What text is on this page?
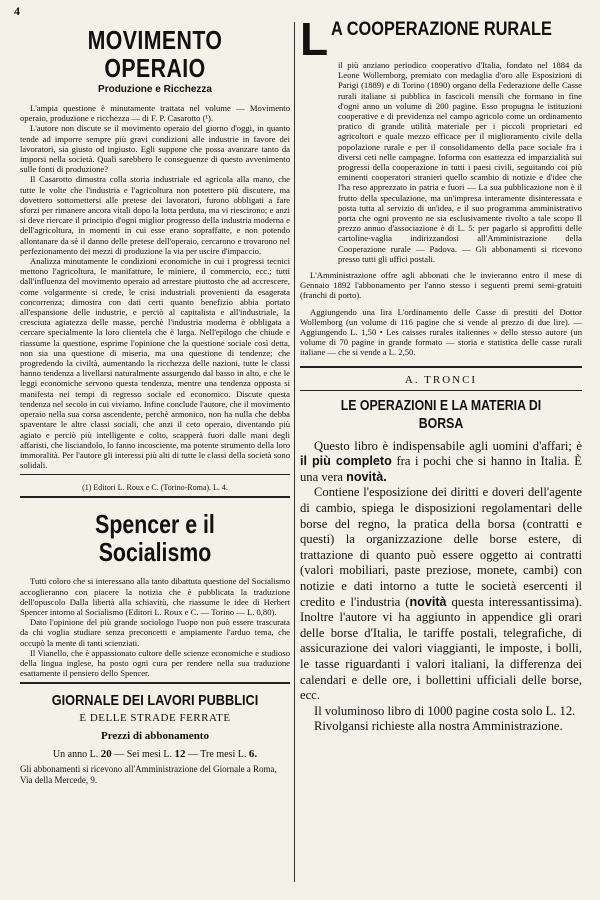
4
MOVIMENTO OPERAIO
Produzione e Ricchezza

L'ampia questione è minutamente trattata nel volume — Movimento operaio, produzione e ricchezza — di F. P. Casarotto (¹).

L'autore non discute se il movimento operaio del giorno d'oggi, in quanto tende ad imporre sempre più gravi condizioni alle industrie in favore dei lavoratori, sia giusto od ingiusto. Egli suppone che possa avanzare tanto da imporsi nella società. Quali sarebbero le conseguenze di questo avvenimento sulle fonti di produzione?

Il Casarotto dimostra colla storia industriale ed agricola alla mano, che tutte le volte che l'industria e l'agricoltura non potettero più discutere, ma dovettero sottomettersi alle pretese dei lavoratori, furono obbligati a fare sforzi per rimanere ancora vitali dopo la lotta perduta, ma vi riescirono; e anzi si deve riercare il principio d'ogni miglior progresso della industria moderna e dell'agricoltura, in momenti in cui esse erano sopraffatte, e non potendo allontanare da sè il danno delle pretese dell'operaio, cercarono e trovarono nel perfezionamento dei mezzi di produzione la via per uscire d'impaccio.

Analizza minutamente le condizioni economiche in cui i progressi tecnici mettono l'agricoltura, le manifatture, le miniere, il commercio, ecc.; tutti dall'influenza del movimento operaio ad arrestare piuttosto che ad accrescere, come volgarmente si crede, le crisi industriali provenienti da esagerata concorrenza; dimostra con dati certi quanto benefizio abbia portato all'espansione delle industrie, e perciò al capitalista e all'industriale, la cresciuta agiatezza delle masse, perchè l'industria moderna è obbligata a cercare specialmente la loro clientela che è larga. Nell'epilogo che chiude e riassume la questione, esprime l'opinione che la questione sociale così detta, non sia una questione di miseria, ma una questione di tendenze; che progredendo la civiltà, aumentando la ricchezza delle nazioni, tutte le classi hanno tendenza a livellarsi naturalmente assurgendo dal basso in alto, e che le leggi economiche servono questa tendenza, mentre una tendenza opposta si manifesta nei tempi di regresso sociale ed economico. Discute questa tendenza nel secolo in cui viviamo. Infine conclude l'autore, che il movimento operaio nella sua corsa ascendente, perchè armonico, non ha nulla che debba spaventare le altre classi sociali, che anzi il ceto operaio, diventando più agiato e perciò più intelligente e colto, scapperà fuori dalle mani degli affaristi, che lisciandolo, lo fanno incosciente, ma potente strumento della loro immoralità. Per l'autore gli interessi più alti di tutte le classi della società sono solidali.

(1) Editori L. Roux e C. (Torino-Roma). L. 4.
Spencer e il Socialismo

Tutti coloro che si interessano alla tanto dibattuta questione del Socialismo accoglieranno con piacere la notizia che è pubblicata la traduzione dell'opuscolo Dalla libertà alla schiavitù, che riassume le idee di Herbert Spencer intorno al Socialismo (Editori L. Roux e C. — Torino — L. 0,80).

Dato l'opinione del più grande sociologo l'uopo non può essere trascurata da chi voglia studiare senza preconcetti e ampiamente l'arduo tema, che occupò la mente di tanti scienziati.

Il Vianello, che è appassionato cultore delle scienze economiche e studioso della lingua inglese, ha posto ogni cura per rendere nella sua traduzione esattamente il pensiero dello Spencer.

GIORNALE DEI LAVORI PUBBLICI
E DELLE STRADE FERRATE
Prezzi di abbonamento
Un anno L. 20 — Sei mesi L. 12 — Tre mesi L. 6.
Gli abbonamenti si ricevono all'Amministrazione del Giornale a Roma, Via della Mercede, 9.
L A COOPERAZIONE RURALE

il più anziano periodico cooperativo d'Italia, fondato nel 1884 da Leone Wollemborg, premiato con medaglia d'oro alle Esposizioni di Parigi (1889) e di Torino (1890) organo della Federazione delle Casse rurali italiane si pubblica in fascicoli mensili che formano in fine d'ogni anno un volume di 200 pagine. Esso propugna le istituzioni cooperative e di previdenza nel campo agricolo come un ordinamento pratico di grande utilità materiale per i piccoli proprietari ed agricoltori e quale mezzo efficace per il miglioramento civile della popolazione rurale e per il consolidamento della pace sociale fra i diversi ceti nelle campagne. Informa con esattezza ed imparzialità sui progressi della cooperazione in tutti i paesi civili, seguitando coi più eminenti cooperatori stranieri quello scambio di notizie e d'idee che l'ha reso apprezzato in patria e fuori — La sua pubblicazione non è il frutto della speculazione, ma un'impresa interamente disinteressata e posta tutta al servizio di un'idea, e il suo programma amministrativo porta che ogni provento ne sia esclusivamente rivolto a tale scopo Il prezzo annuo d'associazione è di L. 5: per pagarlo si approfitti delle cartoline-vaglia indirizzandosi all'Amministrazione della Cooperazione rurale — Padova. — Gli abbonamenti si ricevono presso tutti gli uffici postali.

L'Amministrazione offre agli abbonati che le invieranno entro il mese di Gennaio 1892 l'abbonamento per l'anno stesso i seguenti premi semi-gratuiti (franchi di porto).

Aggiungendo una lira L'ordinamento delle Casse di prestiti del Dottor Wollemborg (un volume di 116 pagine che si vende al prezzo di due lire). — Aggiungendo L. 1,50 • Les caisses rurales italiennes » dello stesso autore (un volume di 70 pagine in grande formato — storia e statistica delle casse rurali italiane — che si vende a L. 2,50.

A. TRONCI
LE OPERAZIONI E LA MATERIA DI BORSA

Questo libro è indispensabile agli uomini d'affari; è il più completo fra i pochi che si hanno in Italia. È una vera novità.

Contiene l'esposizione dei diritti e doveri dell'agente di cambio, spiega le disposizioni regolamentari delle borse del regno, la pratica della borsa (contratti e questi) la organizzazione delle borse estere, di trattazione di quanto può essere oggetto ai contratti (valori mobiliari, paste preziose, monete, cambi) con notizie e dati intorno a tutte le società esercenti il credito e l'industria (novità questa interessantissima). Inoltre l'autore vi ha aggiunto in appendice gli orari delle borse d'Italia, le tariffe postali, telegrafiche, di assicurazione dei valori viaggianti, le imposte, i bolli, le tasse riguardanti i valori italiani, la differenza dei calendari e delle ore, i bollettini ufficiali delle borse, ecc.

Il voluminoso libro di 1000 pagine costa solo L. 12.

Rivolgansi richieste alla nostra Amministrazione.
